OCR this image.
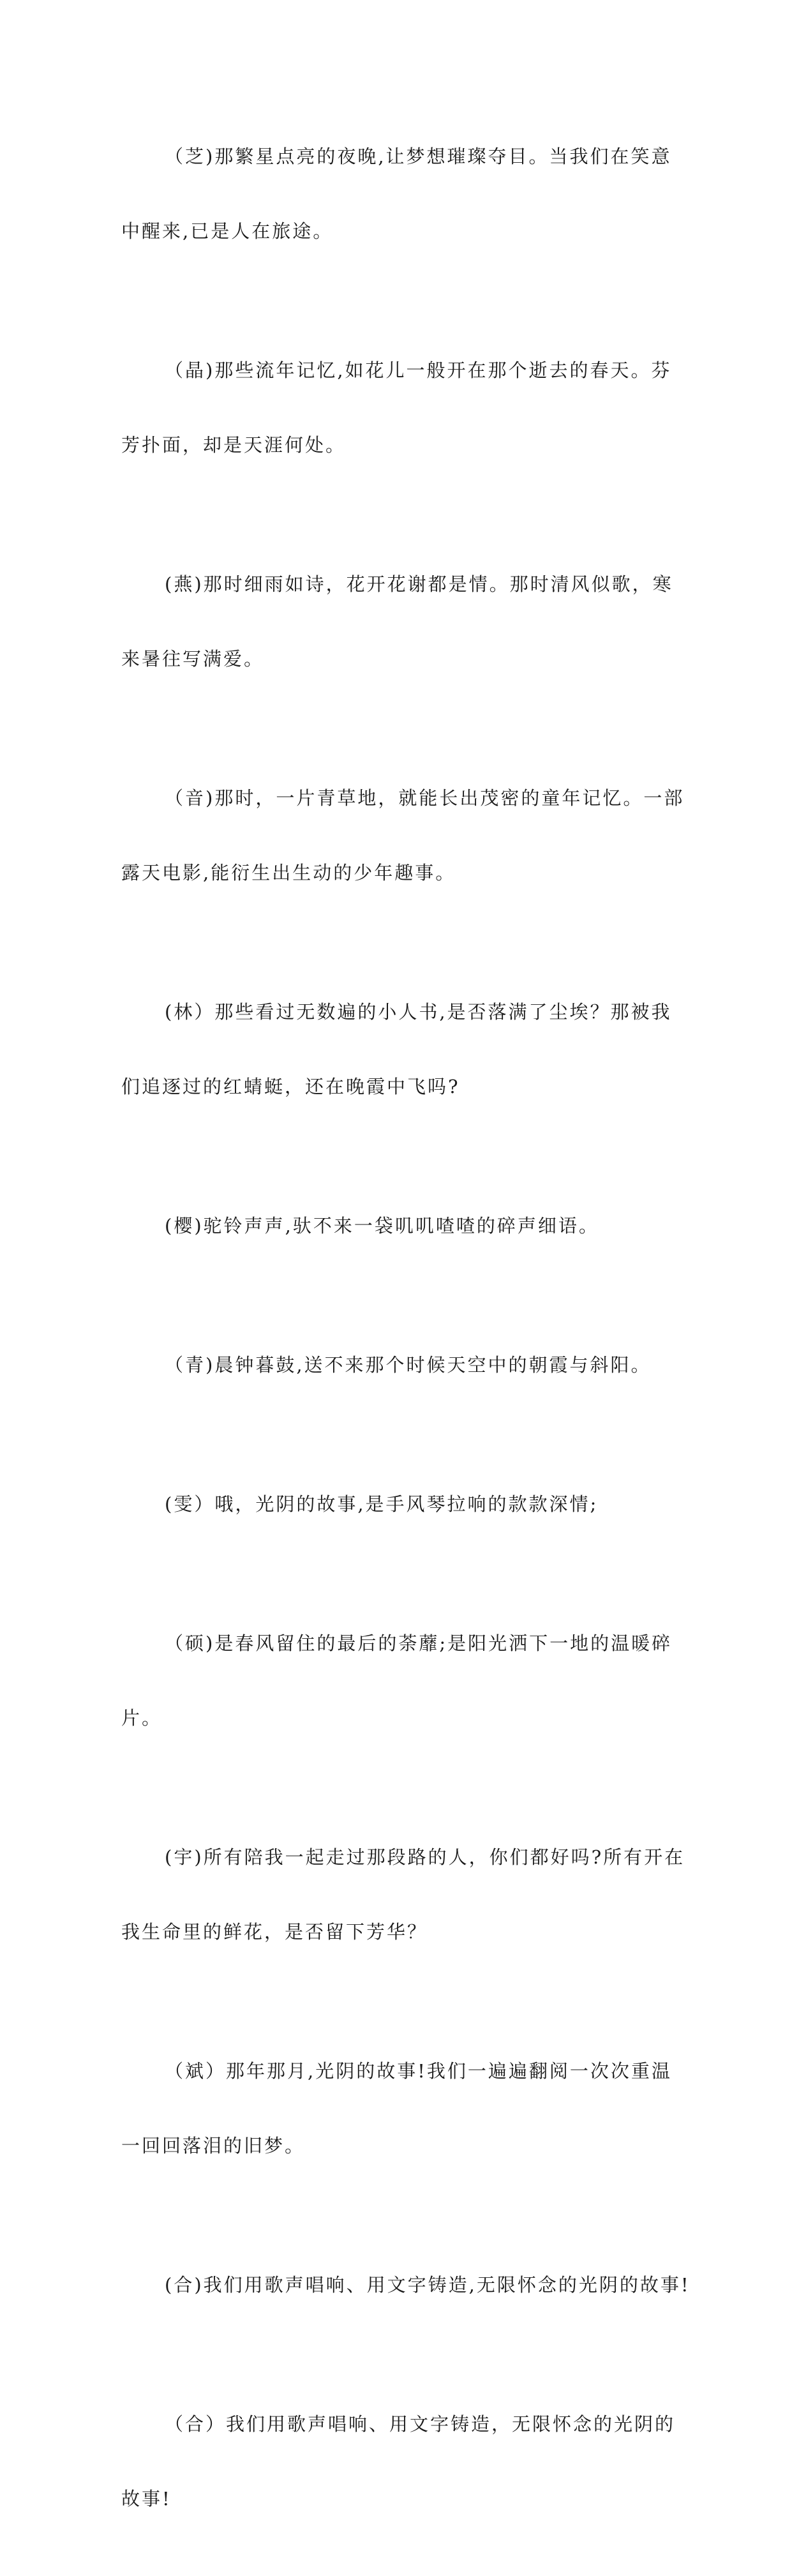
（芝)那繁星点亮的夜晚,让梦想璀璨夺目。当我们在笑意

中醒来,已是人在旅途。

（晶)那些流年记忆,如花儿一般开在那个逝去的春天。芬

芳扑面，却是天涯何处。

(燕)那时细雨如诗，花开花谢都是情。那时清风似歌，寒

来暑往写满爱。

（音)那时，一片青草地，就能长出茂密的童年记忆。一部

露天电影,能衍生出生动的少年趣事。

(林）那些看过无数遍的小人书,是否落满了尘埃？那被我

们追逐过的红蜻蜓，还在晚霞中飞吗?

(樱)驼铃声声,驮不来一袋叽叽喳喳的碎声细语。

（青)晨钟暮鼓,送不来那个时候天空中的朝霞与斜阳。

(雯）哦，光阴的故事,是手风琴拉响的款款深情;

（硕)是春风留住的最后的荼蘼;是阳光洒下一地的温暖碎

片。

(宇)所有陪我一起走过那段路的人，你们都好吗?所有开在

我生命里的鲜花，是否留下芳华？

（斌）那年那月,光阴的故事!我们一遍遍翻阅一次次重温

一回回落泪的旧梦。

(合)我们用歌声唱响、用文字铸造,无限怀念的光阴的故事!

（合）我们用歌声唱响、用文字铸造，无限怀念的光阴的

故事!
